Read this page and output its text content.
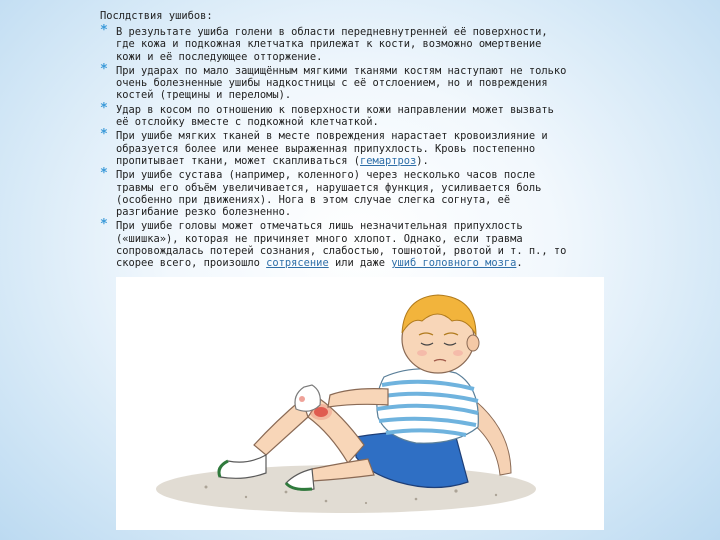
Послдствия ушибов:
* В результате ушиба голени в области передневнутренней её поверхности, где кожа и подкожная клетчатка прилежат к кости, возможно омертвение кожи и её последующее отторжение.
* При ударах по мало защищённым мягкими тканями костям наступают не только очень болезненные ушибы надкостницы с её отслоением, но и повреждения костей (трещины и переломы).
* Удар в косом по отношению к поверхности кожи направлении может вызвать её отслойку вместе с подкожной клетчаткой.
* При ушибе мягких тканей в месте повреждения нарастает кровоизлияние и образуется более или менее выраженная припухлость. Кровь постепенно пропитывает ткани, может скапливаться (гемартроз).
* При ушибе сустава (например, коленного) через несколько часов после травмы его объём увеличивается, нарушается функция, усиливается боль (особенно при движениях). Нога в этом случае слегка согнута, её разгибание резко болезненно.
* При ушибе головы может отмечаться лишь незначительная припухлость («шишка»), которая не причиняет много хлопот. Однако, если травма сопровождалась потерей сознания, слабостью, тошнотой, рвотой и т. п., то скорее всего, произошло сотрясение или даже ушиб головного мозга.
